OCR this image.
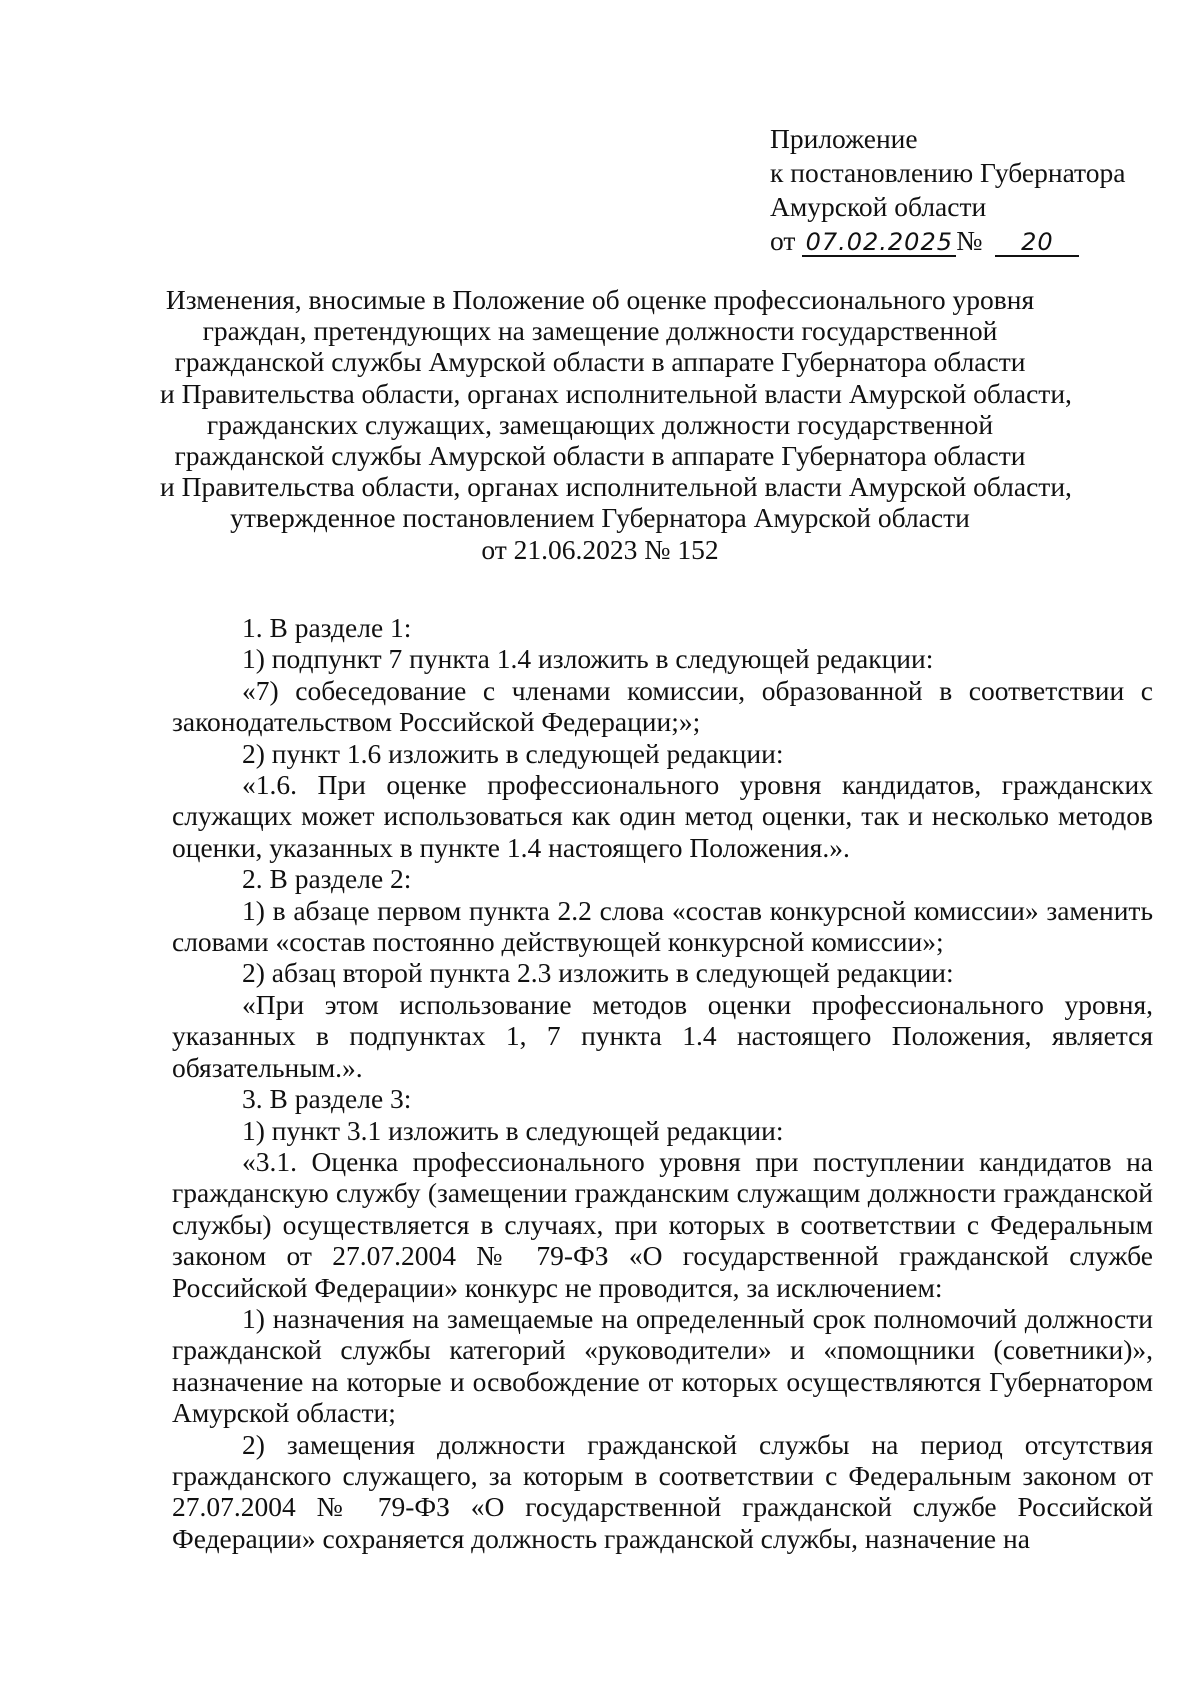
Приложение
к постановлению Губернатора
Амурской области
от 07.02.2025 № 20
Изменения, вносимые в Положение об оценке профессионального уровня
граждан, претендующих на замещение должности государственной
гражданской службы Амурской области в аппарате Губернатора области
и Правительства области, органах исполнительной власти Амурской области,
гражданских служащих, замещающих должности государственной
гражданской службы Амурской области в аппарате Губернатора области
и Правительства области, органах исполнительной власти Амурской области,
утвержденное постановлением Губернатора Амурской области
от 21.06.2023 № 152

1. В разделе 1:

1) подпункт 7 пункта 1.4 изложить в следующей редакции:

«7) собеседование с членами комиссии, образованной в соответствии с законодательством Российской Федерации;»;

2) пункт 1.6 изложить в следующей редакции:

«1.6. При оценке профессионального уровня кандидатов, гражданских служащих может использоваться как один метод оценки, так и несколько методов оценки, указанных в пункте 1.4 настоящего Положения.».

2. В разделе 2:

1) в абзаце первом пункта 2.2 слова «состав конкурсной комиссии» заменить словами «состав постоянно действующей конкурсной комиссии»;

2) абзац второй пункта 2.3 изложить в следующей редакции:

«При этом использование методов оценки профессионального уровня, указанных в подпунктах 1, 7 пункта 1.4 настоящего Положения, является обязательным.».

3. В разделе 3:

1) пункт 3.1 изложить в следующей редакции:

«3.1. Оценка профессионального уровня при поступлении кандидатов на гражданскую службу (замещении гражданским служащим должности гражданской службы) осуществляется в случаях, при которых в соответствии с Федеральным законом от 27.07.2004 № 79-ФЗ «О государственной гражданской службе Российской Федерации» конкурс не проводится, за исключением:

1) назначения на замещаемые на определенный срок полномочий должности гражданской службы категорий «руководители» и «помощники (советники)», назначение на которые и освобождение от которых осуществляются Губернатором Амурской области;

2) замещения должности гражданской службы на период отсутствия гражданского служащего, за которым в соответствии с Федеральным законом от 27.07.2004 № 79-ФЗ «О государственной гражданской службе Российской Федерации» сохраняется должность гражданской службы, назначение на
